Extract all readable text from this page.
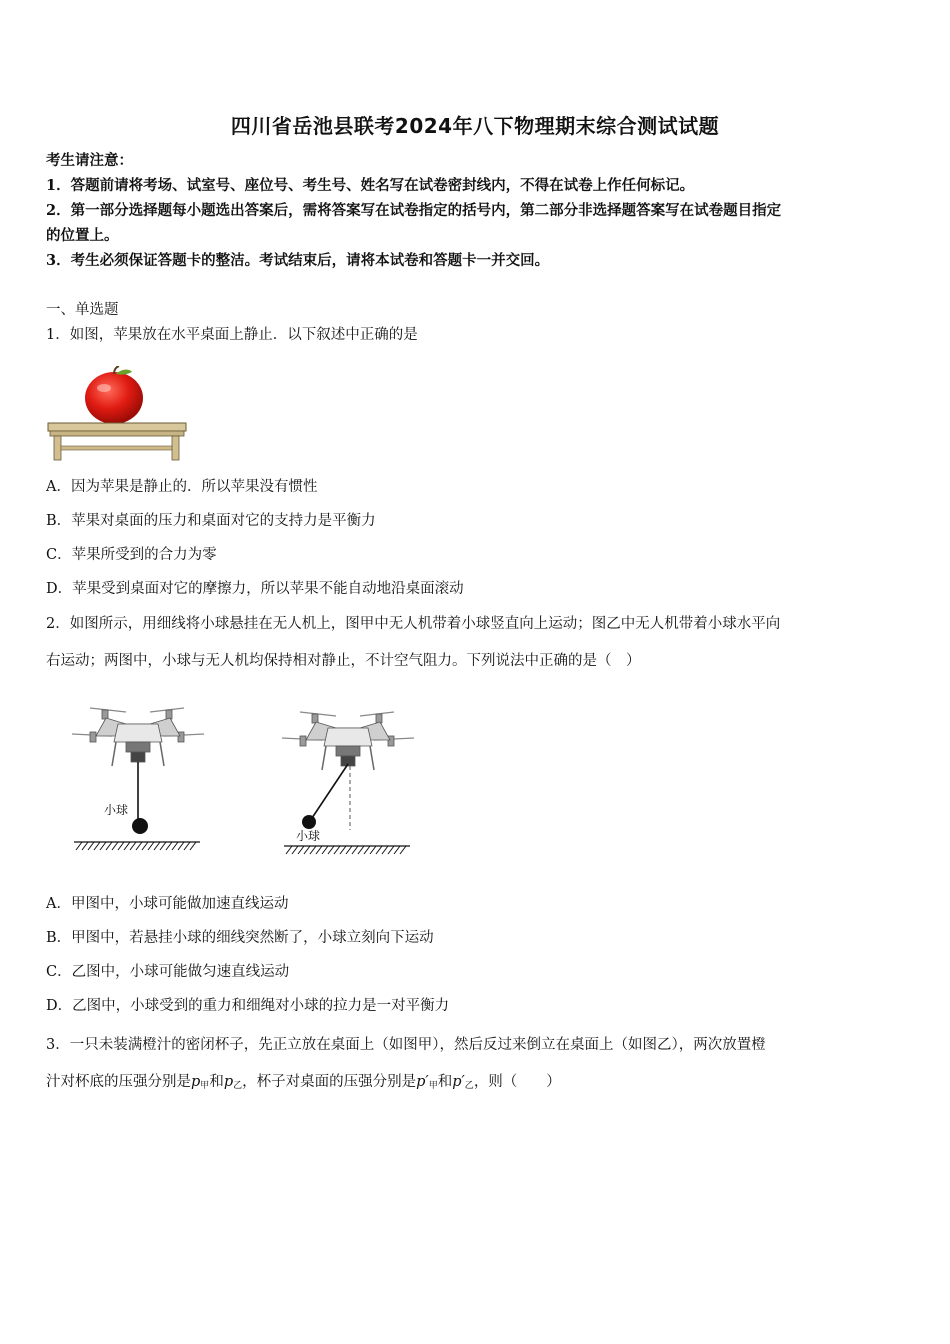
四川省岳池县联考2024年八下物理期末综合测试试题
考生请注意：
1．答题前请将考场、试室号、座位号、考生号、姓名写在试卷密封线内，不得在试卷上作任何标记。
2．第一部分选择题每小题选出答案后，需将答案写在试卷指定的括号内，第二部分非选择题答案写在试卷题目指定
的位置上。
3．考生必须保证答题卡的整洁。考试结束后，请将本试卷和答题卡一并交回。
一、单选题
1．如图，苹果放在水平桌面上静止．以下叙述中正确的是
A．因为苹果是静止的．所以苹果没有惯性
B．苹果对桌面的压力和桌面对它的支持力是平衡力
C．苹果所受到的合力为零
D．苹果受到桌面对它的摩擦力，所以苹果不能自动地沿桌面滚动
2．如图所示，用细线将小球悬挂在无人机上，图甲中无人机带着小球竖直向上运动；图乙中无人机带着小球水平向
右运动；两图中，小球与无人机均保持相对静止，不计空气阻力。下列说法中正确的是（　）
小球
小球
A．甲图中，小球可能做加速直线运动
B．甲图中，若悬挂小球的细线突然断了，小球立刻向下运动
C．乙图中，小球可能做匀速直线运动
D．乙图中，小球受到的重力和细绳对小球的拉力是一对平衡力
3．一只未装满橙汁的密闭杯子，先正立放在桌面上（如图甲），然后反过来倒立在桌面上（如图乙），两次放置橙
汁对杯底的压强分别是$p_甲$和$p_乙$，杯子对桌面的压强分别是$p'_甲$和$p'_乙$，则（　　）
